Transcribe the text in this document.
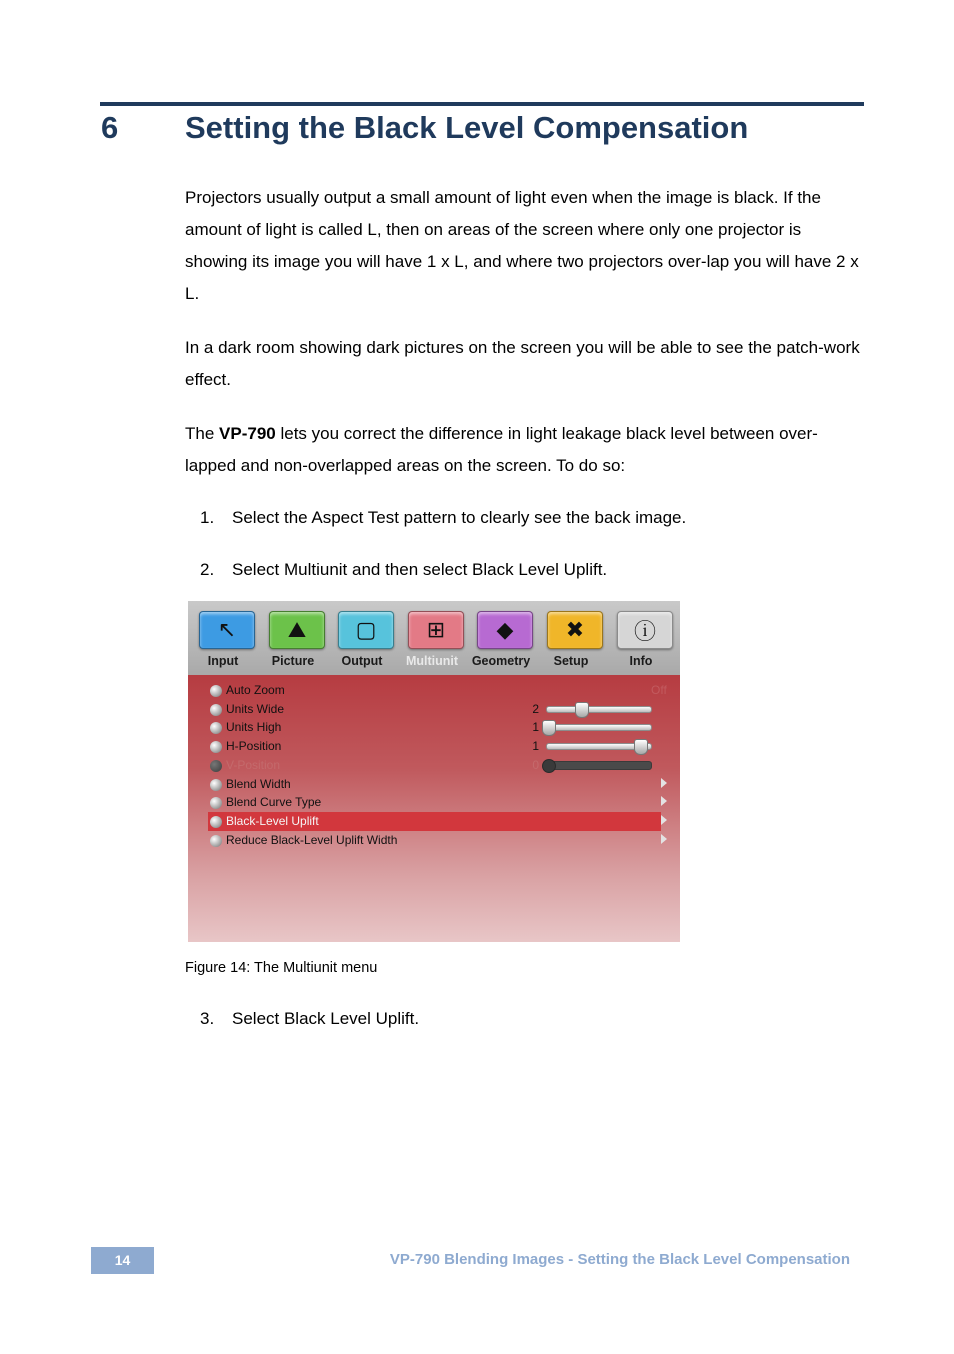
6 Setting the Black Level Compensation
Projectors usually output a small amount of light even when the image is black. If the amount of light is called L, then on areas of the screen where only one projector is showing its image you will have 1 x L, and where two projectors over-lap you will have 2 x L.
In a dark room showing dark pictures on the screen you will be able to see the patch-work effect.
The VP-790 lets you correct the difference in light leakage black level between over-lapped and non-overlapped areas on the screen. To do so:
1. Select the Aspect Test pattern to clearly see the back image.
2. Select Multiunit and then select Black Level Uplift.
↖
Input
⛰
Picture
▢
Output
⊞
Multiunit
◆
Geometry
✖
Setup
ⓘ
Info
Off
Auto Zoom
Units Wide	2
Units High	1
H-Position	1
V-Position	0
Blend Width
Blend Curve Type
Black-Level Uplift
Reduce Black-Level Uplift Width
Figure 14: The Multiunit menu
3. Select Black Level Uplift.
14	VP-790 Blending Images - Setting the Black Level Compensation
